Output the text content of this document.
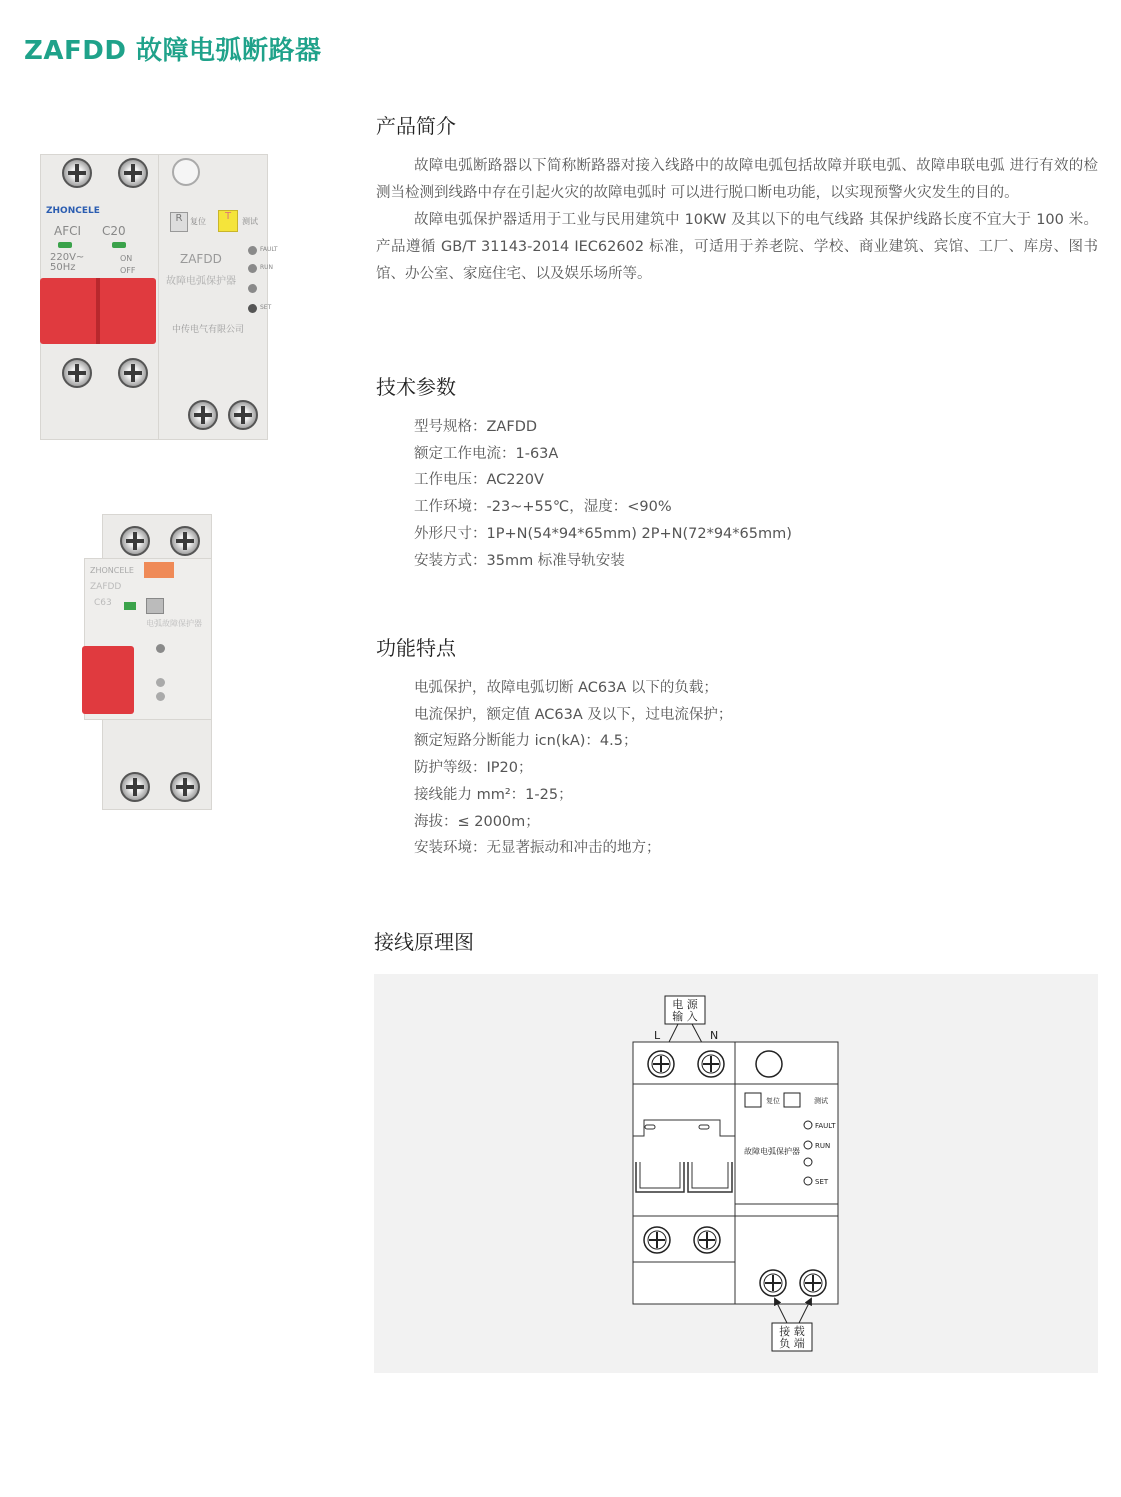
ZAFDD 故障电弧断路器
ZHONCELE
AFCI C20
220V~
50Hz
ON
OFF
R 复位	T	测试
FAULT
RUN
SET
ZAFDD
故障电弧保护器
中传电气有限公司
ZHONCELE
ZAFDD
C63
电弧故障保护器
产品简介

故障电弧断路器以下简称断路器对接入线路中的故障电弧包括故障并联电弧、故障串联电弧 进行有效的检测当检测到线路中存在引起火灾的故障电弧时 可以进行脱口断电功能，以实现预警火灾发生的目的。

故障电弧保护器适用于工业与民用建筑中 10KW 及其以下的电气线路 其保护线路长度不宜大于 100 米。产品遵循 GB/T 31143-2014 IEC62602 标准，可适用于养老院、学校、商业建筑、宾馆、工厂、库房、图书馆、办公室、家庭住宅、以及娱乐场所等。

技术参数
型号规格：ZAFDD
额定工作电流：1-63A
工作电压：AC220V
工作环境：-23~+55℃，湿度：<90%
外形尺寸：1P+N(54*94*65mm) 2P+N(72*94*65mm)
安装方式：35mm 标准导轨安装
功能特点
电弧保护，故障电弧切断 AC63A 以下的负载；
电流保护，额定值 AC63A 及以下，过电流保护；
额定短路分断能力 icn(kA)：4.5；
防护等级：IP20；
接线能力 mm²：1-25；
海拔：≤ 2000m；
安装环境：无显著振动和冲击的地方；
接线原理图
电 源
输 入
L	N
复位	测试
FAULT
RUN
SET
故障电弧保护器
接 载
负 端
